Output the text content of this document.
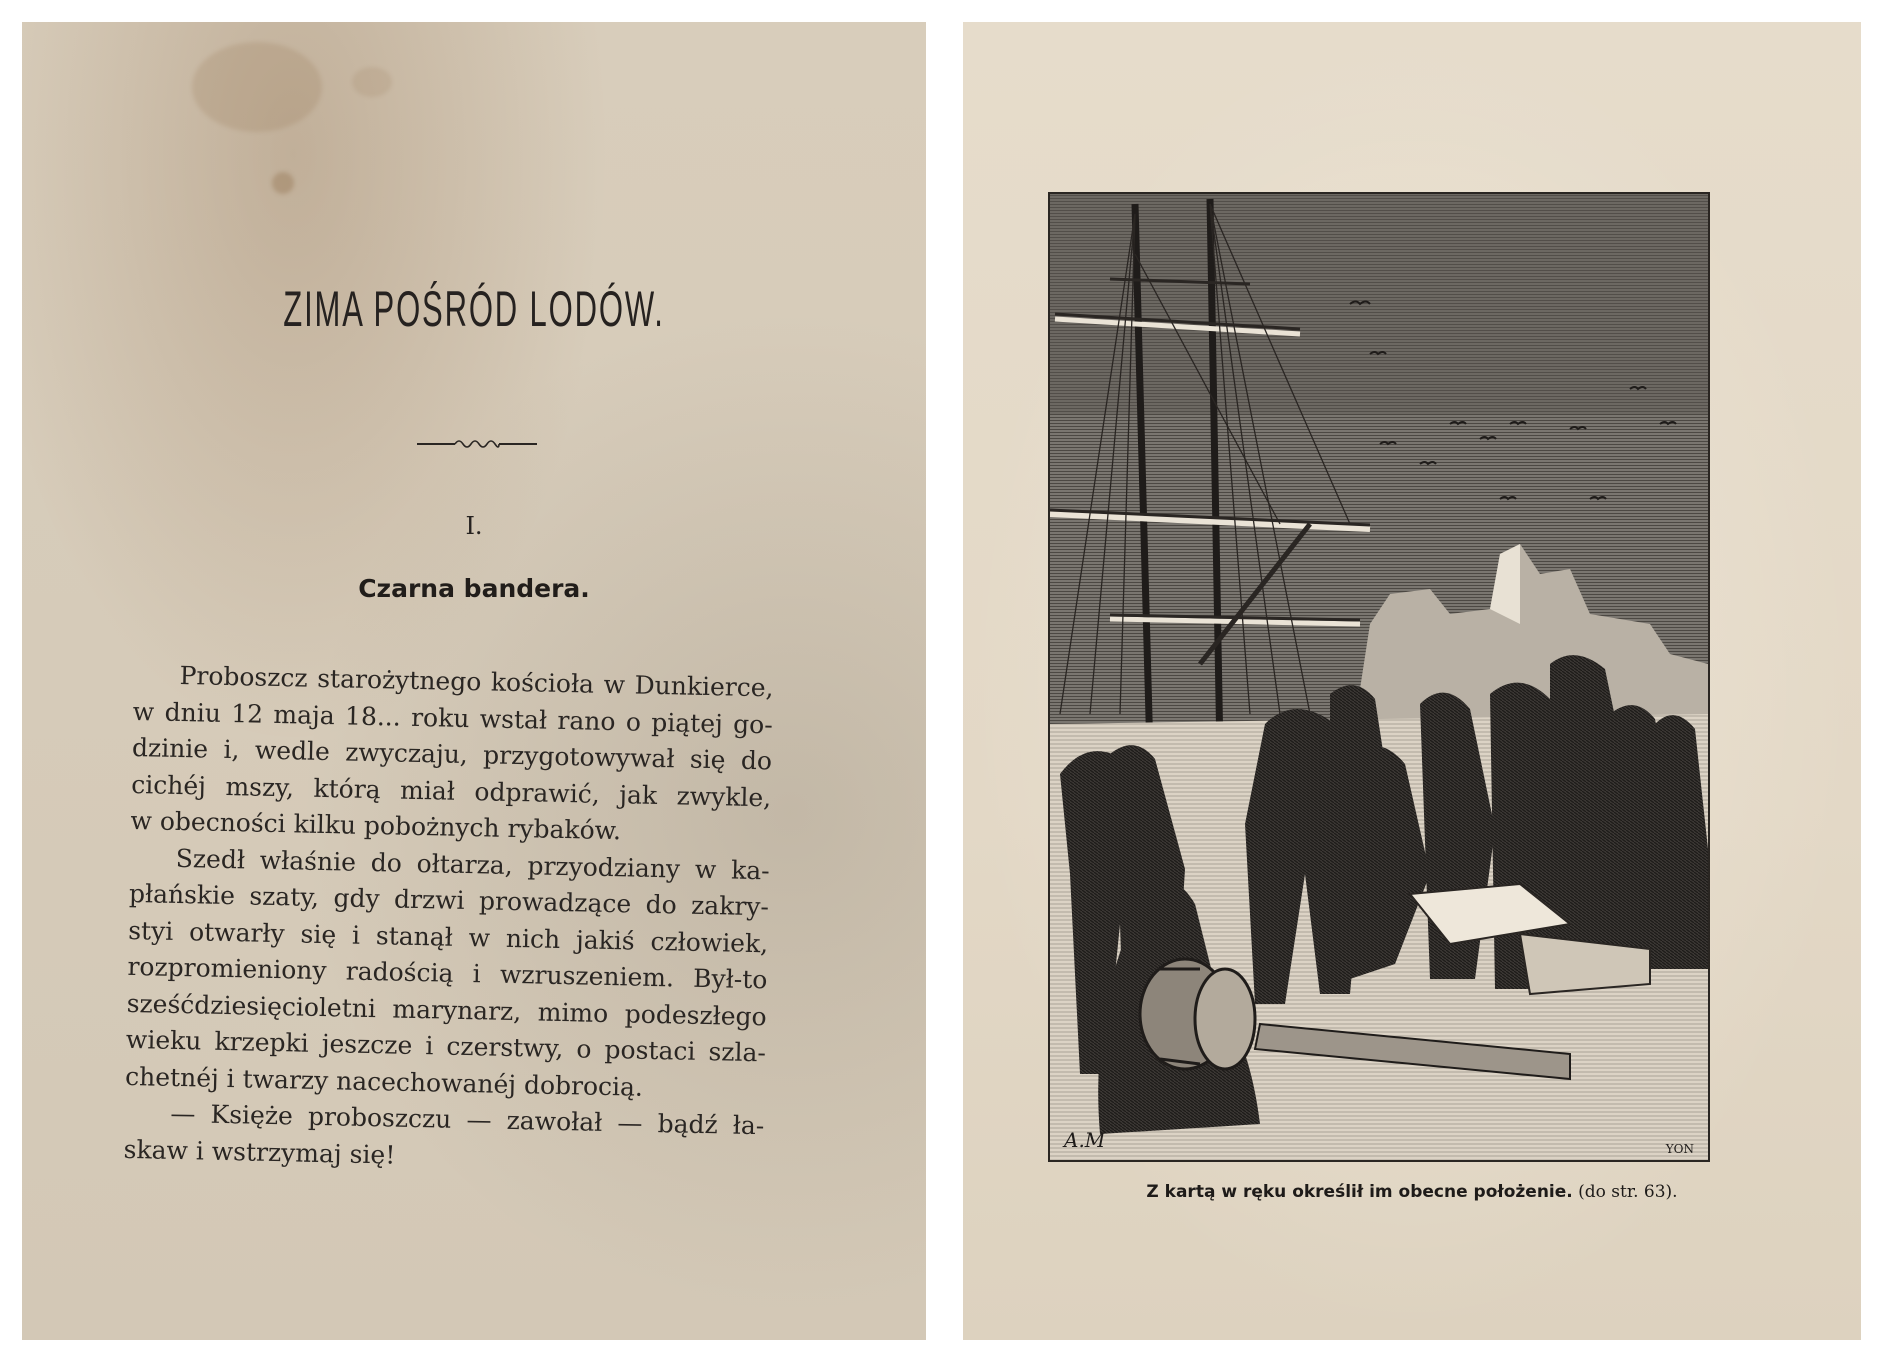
ZIMA POŚRÓD LODÓW.
I.
Czarna bandera.
Proboszcz starożytnego kościoła w Dunkierce,
w dniu 12 maja 18... roku wstał rano o piątej go-
dzinie i, wedle zwyczaju, przygotowywał się do
cichéj mszy, którą miał odprawić, jak zwykle,
w obecności kilku pobożnych rybaków.
Szedł właśnie do ołtarza, przyodziany w ka-
płańskie szaty, gdy drzwi prowadzące do zakry-
styi otwarły się i stanął w nich jakiś człowiek,
rozpromieniony radością i wzruszeniem. Był-to
sześćdziesięcioletni marynarz, mimo podeszłego
wieku krzepki jeszcze i czerstwy, o postaci szla-
chetnéj i twarzy nacechowanéj dobrocią.
— Księże proboszczu — zawołał — bądź ła-
skaw i wstrzymaj się!	A.M	YON
Z kartą w ręku określił im obecne położenie. (do str. 63).
